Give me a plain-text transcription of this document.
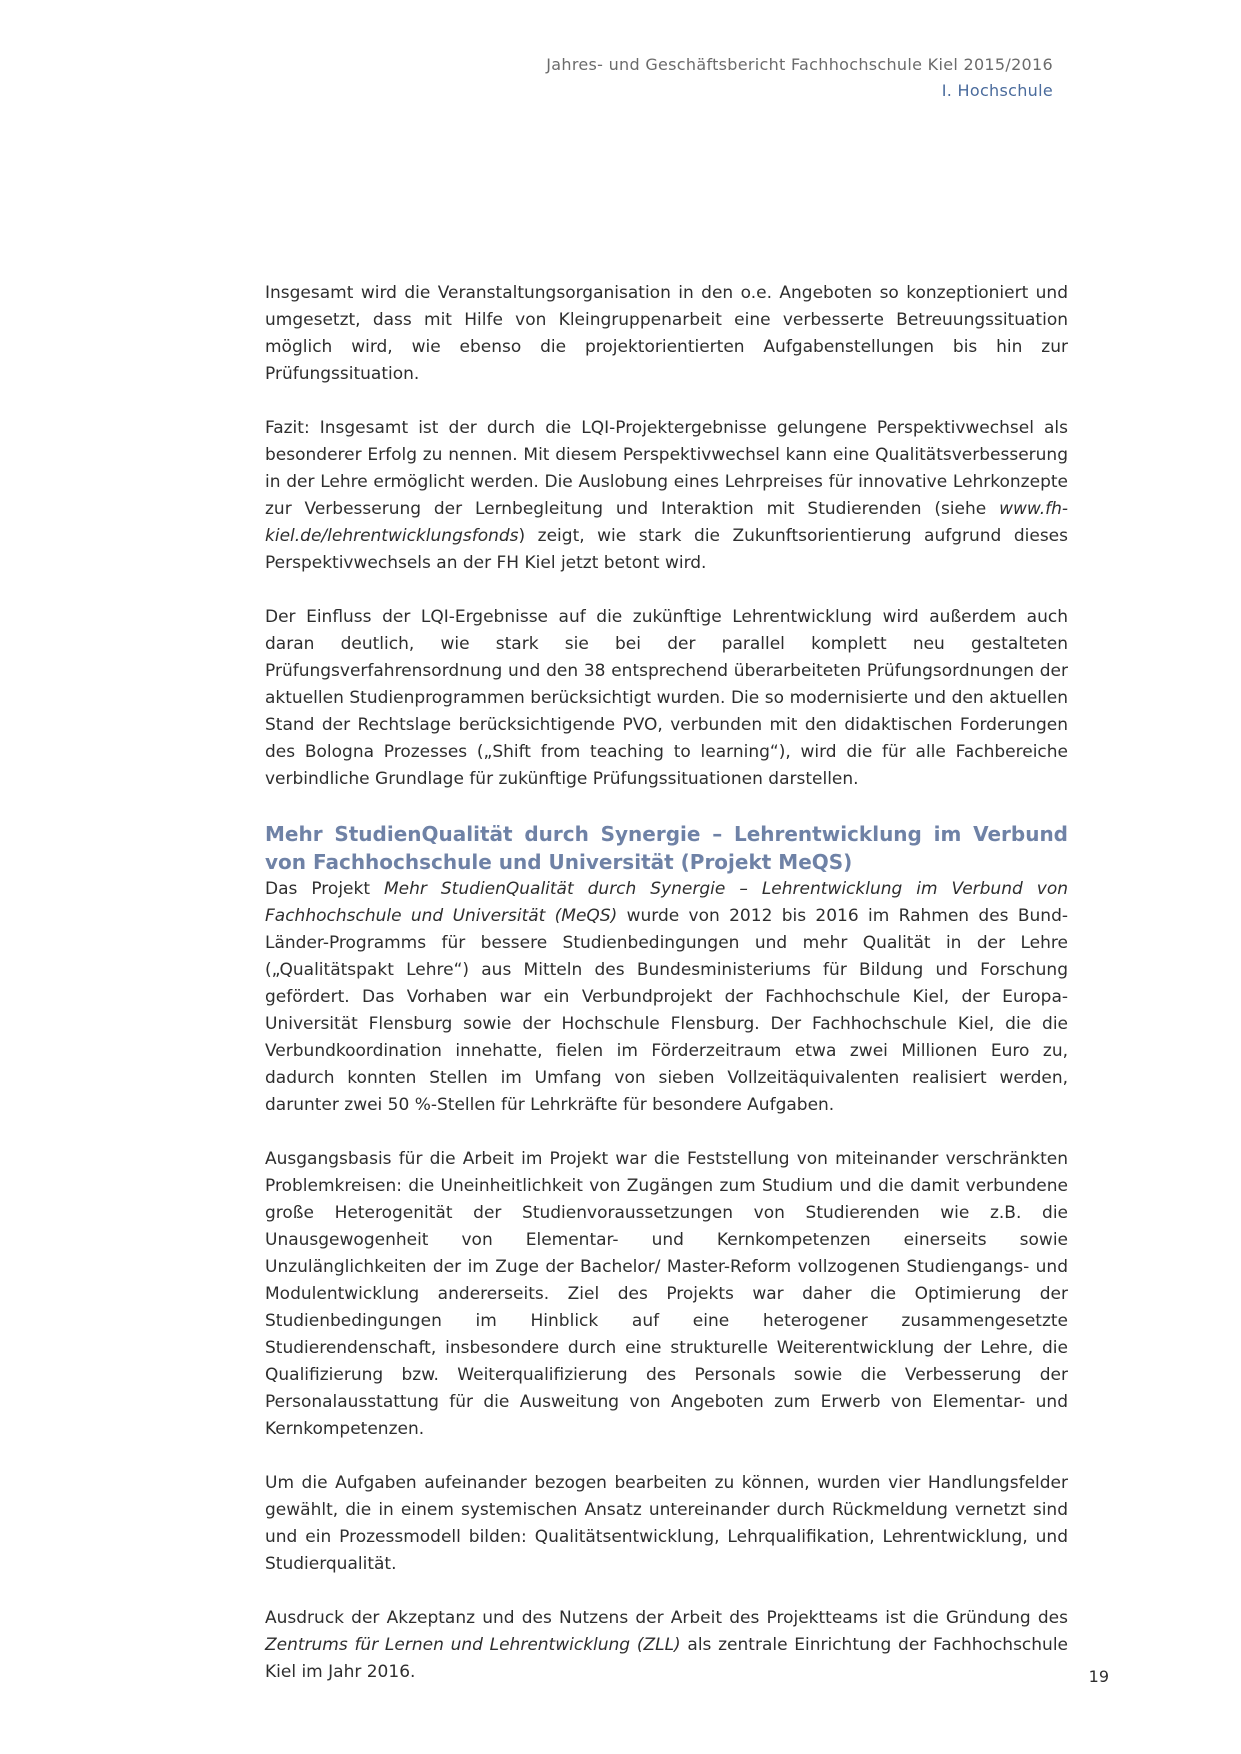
Jahres- und Geschäftsbericht Fachhochschule Kiel 2015/2016
I. Hochschule

Insgesamt wird die Veranstaltungsorganisation in den o.e. Angeboten so konzeptioniert und umgesetzt, dass mit Hilfe von Kleingruppenarbeit eine verbesserte Betreuungssituation möglich wird, wie ebenso die projektorientierten Aufgabenstellungen bis hin zur Prüfungssituation.

Fazit: Insgesamt ist der durch die LQI-Projektergebnisse gelungene Perspektivwechsel als besonderer Erfolg zu nennen. Mit diesem Perspektivwechsel kann eine Qualitätsverbesserung in der Lehre ermöglicht werden. Die Auslobung eines Lehrpreises für innovative Lehrkonzepte zur Verbesserung der Lernbegleitung und Interaktion mit Studierenden (siehe www.fh-kiel.de/lehrentwicklungsfonds) zeigt, wie stark die Zukunftsorientierung aufgrund dieses Perspektivwechsels an der FH Kiel jetzt betont wird.

Der Einfluss der LQI-Ergebnisse auf die zukünftige Lehrentwicklung wird außerdem auch daran deutlich, wie stark sie bei der parallel komplett neu gestalteten Prüfungsverfahrensordnung und den 38 entsprechend überarbeiteten Prüfungsordnungen der aktuellen Studienprogrammen berücksichtigt wurden. Die so modernisierte und den aktuellen Stand der Rechtslage berücksichtigende PVO, verbunden mit den didaktischen Forderungen des Bologna Prozesses („Shift from teaching to learning“), wird die für alle Fachbereiche verbindliche Grundlage für zukünftige Prüfungssituationen darstellen.

Mehr StudienQualität durch Synergie – Lehrentwicklung im Verbund von Fachhochschule und Universität (Projekt MeQS)

Das Projekt Mehr StudienQualität durch Synergie – Lehrentwicklung im Verbund von Fachhochschule und Universität (MeQS) wurde von 2012 bis 2016 im Rahmen des Bund-Länder-Programms für bessere Studienbedingungen und mehr Qualität in der Lehre („Qualitätspakt Lehre“) aus Mitteln des Bundesministeriums für Bildung und Forschung gefördert. Das Vorhaben war ein Verbundprojekt der Fachhochschule Kiel, der Europa-Universität Flensburg sowie der Hochschule Flensburg. Der Fachhochschule Kiel, die die Verbundkoordination innehatte, fielen im Förderzeitraum etwa zwei Millionen Euro zu, dadurch konnten Stellen im Umfang von sieben Vollzeitäquivalenten realisiert werden, darunter zwei 50 %-Stellen für Lehrkräfte für besondere Aufgaben.

Ausgangsbasis für die Arbeit im Projekt war die Feststellung von miteinander verschränkten Problemkreisen: die Uneinheitlichkeit von Zugängen zum Studium und die damit verbundene große Heterogenität der Studienvoraussetzungen von Studierenden wie z.B. die Unausgewogenheit von Elementar- und Kernkompetenzen einerseits sowie Unzulänglichkeiten der im Zuge der Bachelor/ Master-Reform vollzogenen Studiengangs- und Modulentwicklung andererseits. Ziel des Projekts war daher die Optimierung der Studienbedingungen im Hinblick auf eine heterogener zusammengesetzte Studierendenschaft, insbesondere durch eine strukturelle Weiterentwicklung der Lehre, die Qualifizierung bzw. Weiterqualifizierung des Personals sowie die Verbesserung der Personalausstattung für die Ausweitung von Angeboten zum Erwerb von Elementar- und Kernkompetenzen.

Um die Aufgaben aufeinander bezogen bearbeiten zu können, wurden vier Handlungsfelder gewählt, die in einem systemischen Ansatz untereinander durch Rückmeldung vernetzt sind und ein Prozessmodell bilden: Qualitätsentwicklung, Lehrqualifikation, Lehrentwicklung, und Studierqualität.

Ausdruck der Akzeptanz und des Nutzens der Arbeit des Projektteams ist die Gründung des Zentrums für Lernen und Lehrentwicklung (ZLL) als zentrale Einrichtung der Fachhochschule Kiel im Jahr 2016.	19
